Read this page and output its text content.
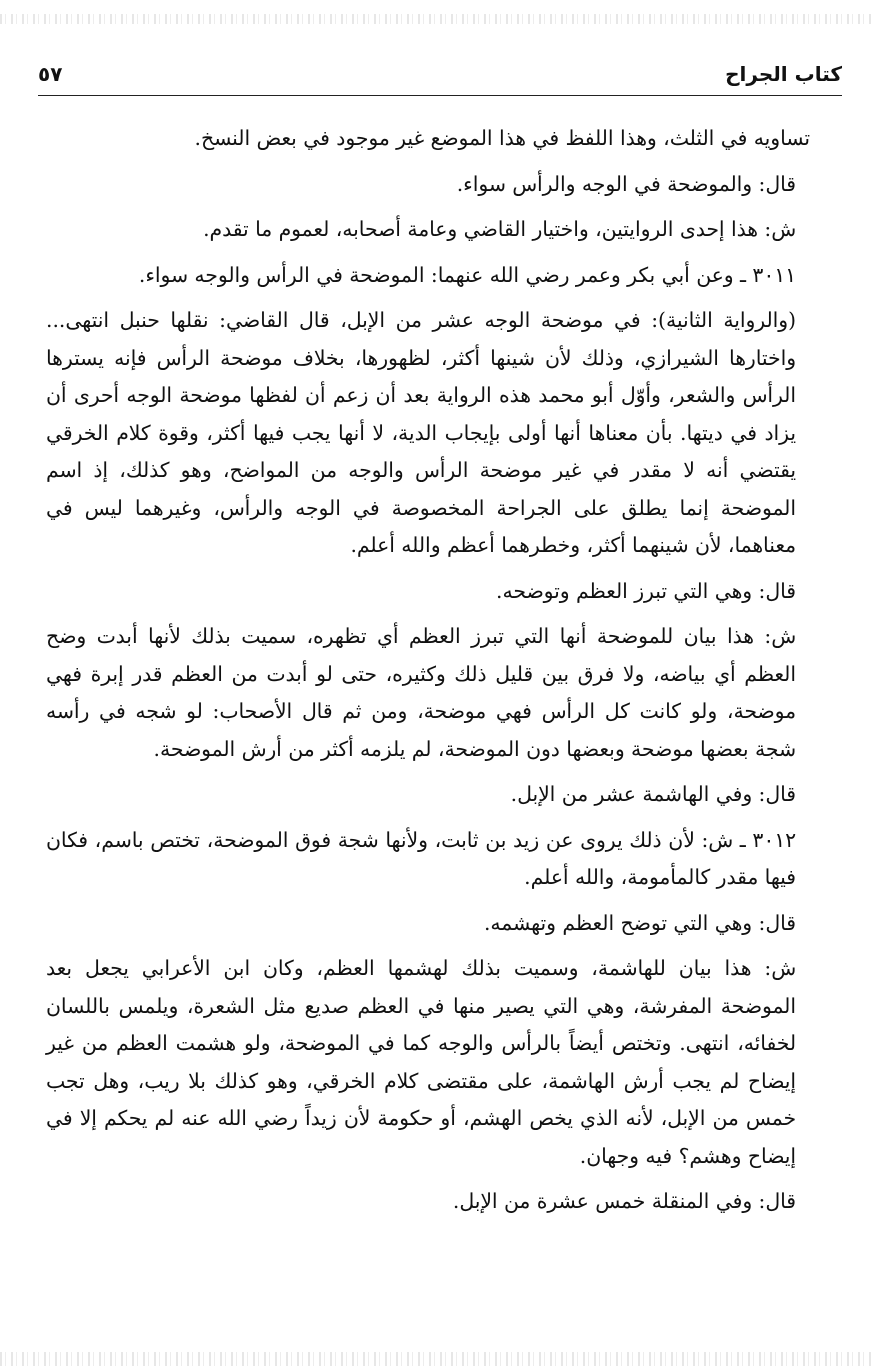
كتاب الجراح
٥٧

تساويه في الثلث، وهذا اللفظ في هذا الموضع غير موجود في بعض النسخ.

قال: والموضحة في الوجه والرأس سواء.

ش: هذا إحدى الروايتين، واختيار القاضي وعامة أصحابه، لعموم ما تقدم.

٣٠١١ ـ وعن أبي بكر وعمر رضي الله عنهما: الموضحة في الرأس والوجه سواء.

(والرواية الثانية): في موضحة الوجه عشر من الإبل، قال القاضي: نقلها حنبل انتهى... واختارها الشيرازي، وذلك لأن شينها أكثر، لظهورها، بخلاف موضحة الرأس فإنه يسترها الرأس والشعر، وأوّل أبو محمد هذه الرواية بعد أن زعم أن لفظها موضحة الوجه أحرى أن يزاد في ديتها. بأن معناها أنها أولى بإيجاب الدية، لا أنها يجب فيها أكثر، وقوة كلام الخرقي يقتضي أنه لا مقدر في غير موضحة الرأس والوجه من المواضح، وهو كذلك، إذ اسم الموضحة إنما يطلق على الجراحة المخصوصة في الوجه والرأس، وغيرهما ليس في معناهما، لأن شينهما أكثر، وخطرهما أعظم والله أعلم.

قال: وهي التي تبرز العظم وتوضحه.

ش: هذا بيان للموضحة أنها التي تبرز العظم أي تظهره، سميت بذلك لأنها أبدت وضح العظم أي بياضه، ولا فرق بين قليل ذلك وكثيره، حتى لو أبدت من العظم قدر إبرة فهي موضحة، ولو كانت كل الرأس فهي موضحة، ومن ثم قال الأصحاب: لو شجه في رأسه شجة بعضها موضحة وبعضها دون الموضحة، لم يلزمه أكثر من أرش الموضحة.

قال: وفي الهاشمة عشر من الإبل.

٣٠١٢ ـ ش: لأن ذلك يروى عن زيد بن ثابت، ولأنها شجة فوق الموضحة، تختص باسم، فكان فيها مقدر كالمأمومة، والله أعلم.

قال: وهي التي توضح العظم وتهشمه.

ش: هذا بيان للهاشمة، وسميت بذلك لهشمها العظم، وكان ابن الأعرابي يجعل بعد الموضحة المفرشة، وهي التي يصير منها في العظم صديع مثل الشعرة، ويلمس باللسان لخفائه، انتهى. وتختص أيضاً بالرأس والوجه كما في الموضحة، ولو هشمت العظم من غير إيضاح لم يجب أرش الهاشمة، على مقتضى كلام الخرقي، وهو كذلك بلا ريب، وهل تجب خمس من الإبل، لأنه الذي يخص الهشم، أو حكومة لأن زيداً رضي الله عنه لم يحكم إلا في إيضاح وهشم؟ فيه وجهان.

قال: وفي المنقلة خمس عشرة من الإبل.
